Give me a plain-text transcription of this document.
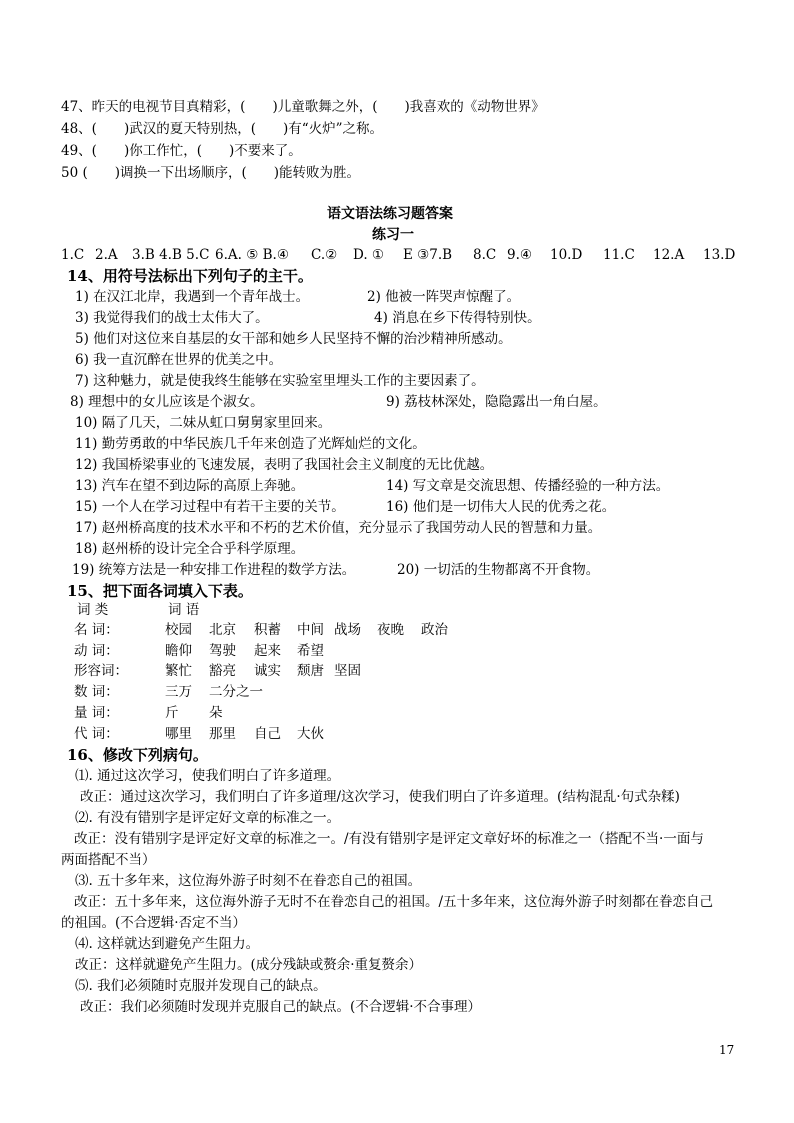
47、昨天的电视节目真精彩，(　　)儿童歌舞之外，(　　)我喜欢的《动物世界》
48、(　　)武汉的夏天特别热，(　　)有“火炉”之称。
49、(　　)你工作忙，(　　)不要来了。
50 (　　)调换一下出场顺序，(　　)能转败为胜。
语文语法练习题答案
练习一
1.C 2.A 3.B 4.B 5.C 6.A. ⑤ B.④ C.② D. ① E ③7.B 8.C 9.④ 10.D 11.C 12.A 13.D
14、用符号法标出下列句子的主干。
1) 在汉江北岸，我遇到一个青年战士。	2) 他被一阵哭声惊醒了。
3) 我觉得我们的战士太伟大了。	4) 消息在乡下传得特别快。
5) 他们对这位来自基层的女干部和她乡人民坚持不懈的治沙精神所感动。
6) 我一直沉醉在世界的优美之中。
7) 这种魅力，就是使我终生能够在实验室里埋头工作的主要因素了。
8) 理想中的女儿应该是个淑女。	9) 荔枝林深处，隐隐露出一角白屋。
10) 隔了几天，二妹从虹口舅舅家里回来。
11) 勤劳勇敢的中华民族几千年来创造了光辉灿烂的文化。
12) 我国桥梁事业的飞速发展，表明了我国社会主义制度的无比优越。
13) 汽车在望不到边际的高原上奔驰。	14) 写文章是交流思想、传播经验的一种方法。
15) 一个人在学习过程中有若干主要的关节。	16) 他们是一切伟大人民的优秀之花。
17) 赵州桥高度的技术水平和不朽的艺术价值，充分显示了我国劳动人民的智慧和力量。
18) 赵州桥的设计完全合乎科学原理。
19) 统筹方法是一种安排工作进程的数学方法。	20) 一切活的生物都离不开食物。
15、把下面各词填入下表。
词 类	词 语
名 词：	校园 北京 积蓄 中间 战场 夜晚 政治
动 词：	瞻仰 驾驶 起来 希望
形容词：	繁忙 豁亮 诚实 颓唐 坚固
数 词：	三万 二分之一
量 词：	斤 朵
代 词：	哪里 那里 自己 大伙
16、修改下列病句。
⑴. 通过这次学习，使我们明白了许多道理。
改正：通过这次学习，我们明白了许多道理/这次学习，使我们明白了许多道理。(结构混乱·句式杂糅)
⑵. 有没有错别字是评定好文章的标准之一。
改正：没有错别字是评定好文章的标准之一。/有没有错别字是评定文章好坏的标准之一（搭配不当·一面与
两面搭配不当）
⑶. 五十多年来，这位海外游子时刻不在眷恋自己的祖国。
改正：五十多年来，这位海外游子无时不在眷恋自己的祖国。/五十多年来，这位海外游子时刻都在眷恋自己
的祖国。(不合逻辑·否定不当）
⑷. 这样就达到避免产生阻力。
改正：这样就避免产生阻力。(成分残缺或赘余·重复赘余）
⑸. 我们必须随时克服并发现自己的缺点。
改正：我们必须随时发现并克服自己的缺点。(不合逻辑·不合事理）
17
